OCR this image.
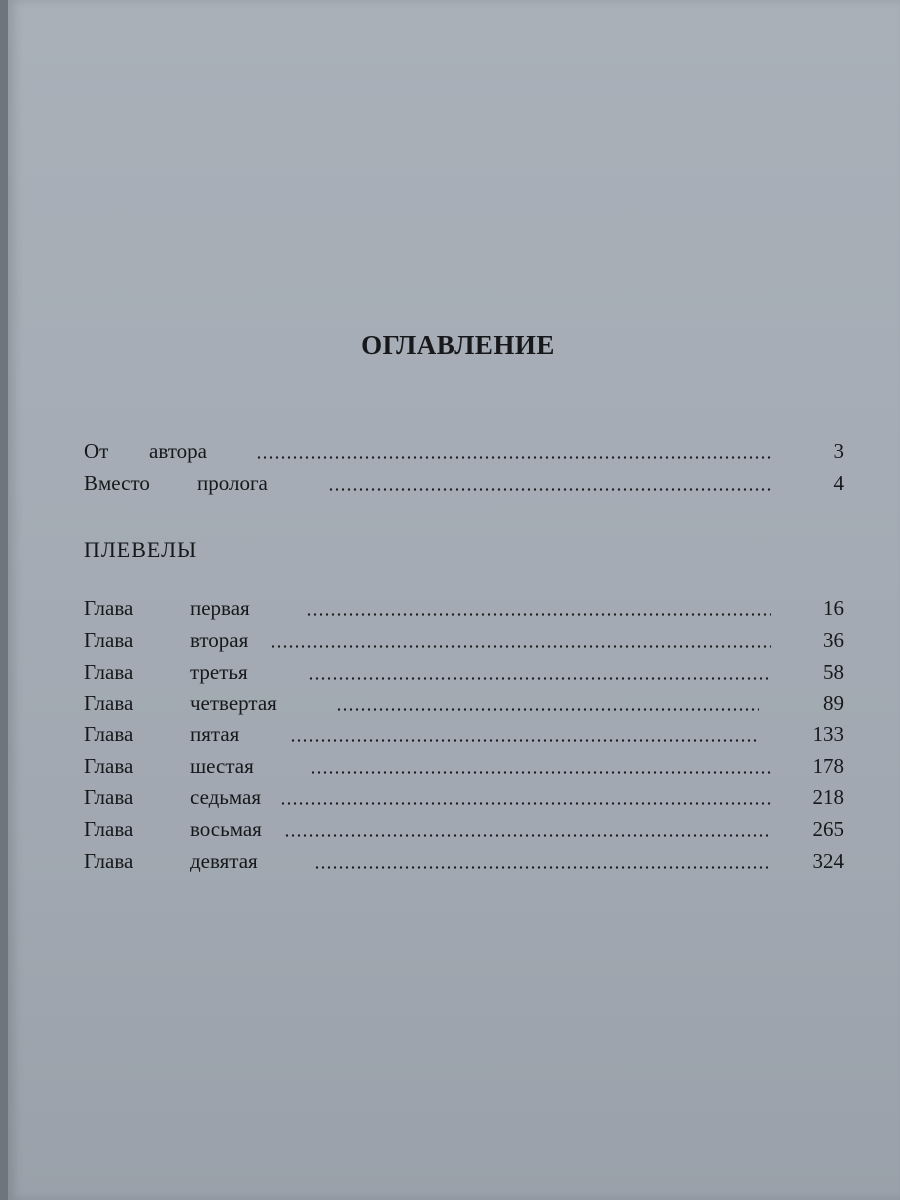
ОГЛАВЛЕНИЕ
От автора	3
Вместо пролога	4
ПЛЕВЕЛЫ
Глава	первая	16
Глава	вторая	36
Глава	третья	58
Глава	четвертая	89
Глава	пятая	133
Глава	шестая	178
Глава	седьмая	218
Глава	восьмая	265
Глава	девятая	324
